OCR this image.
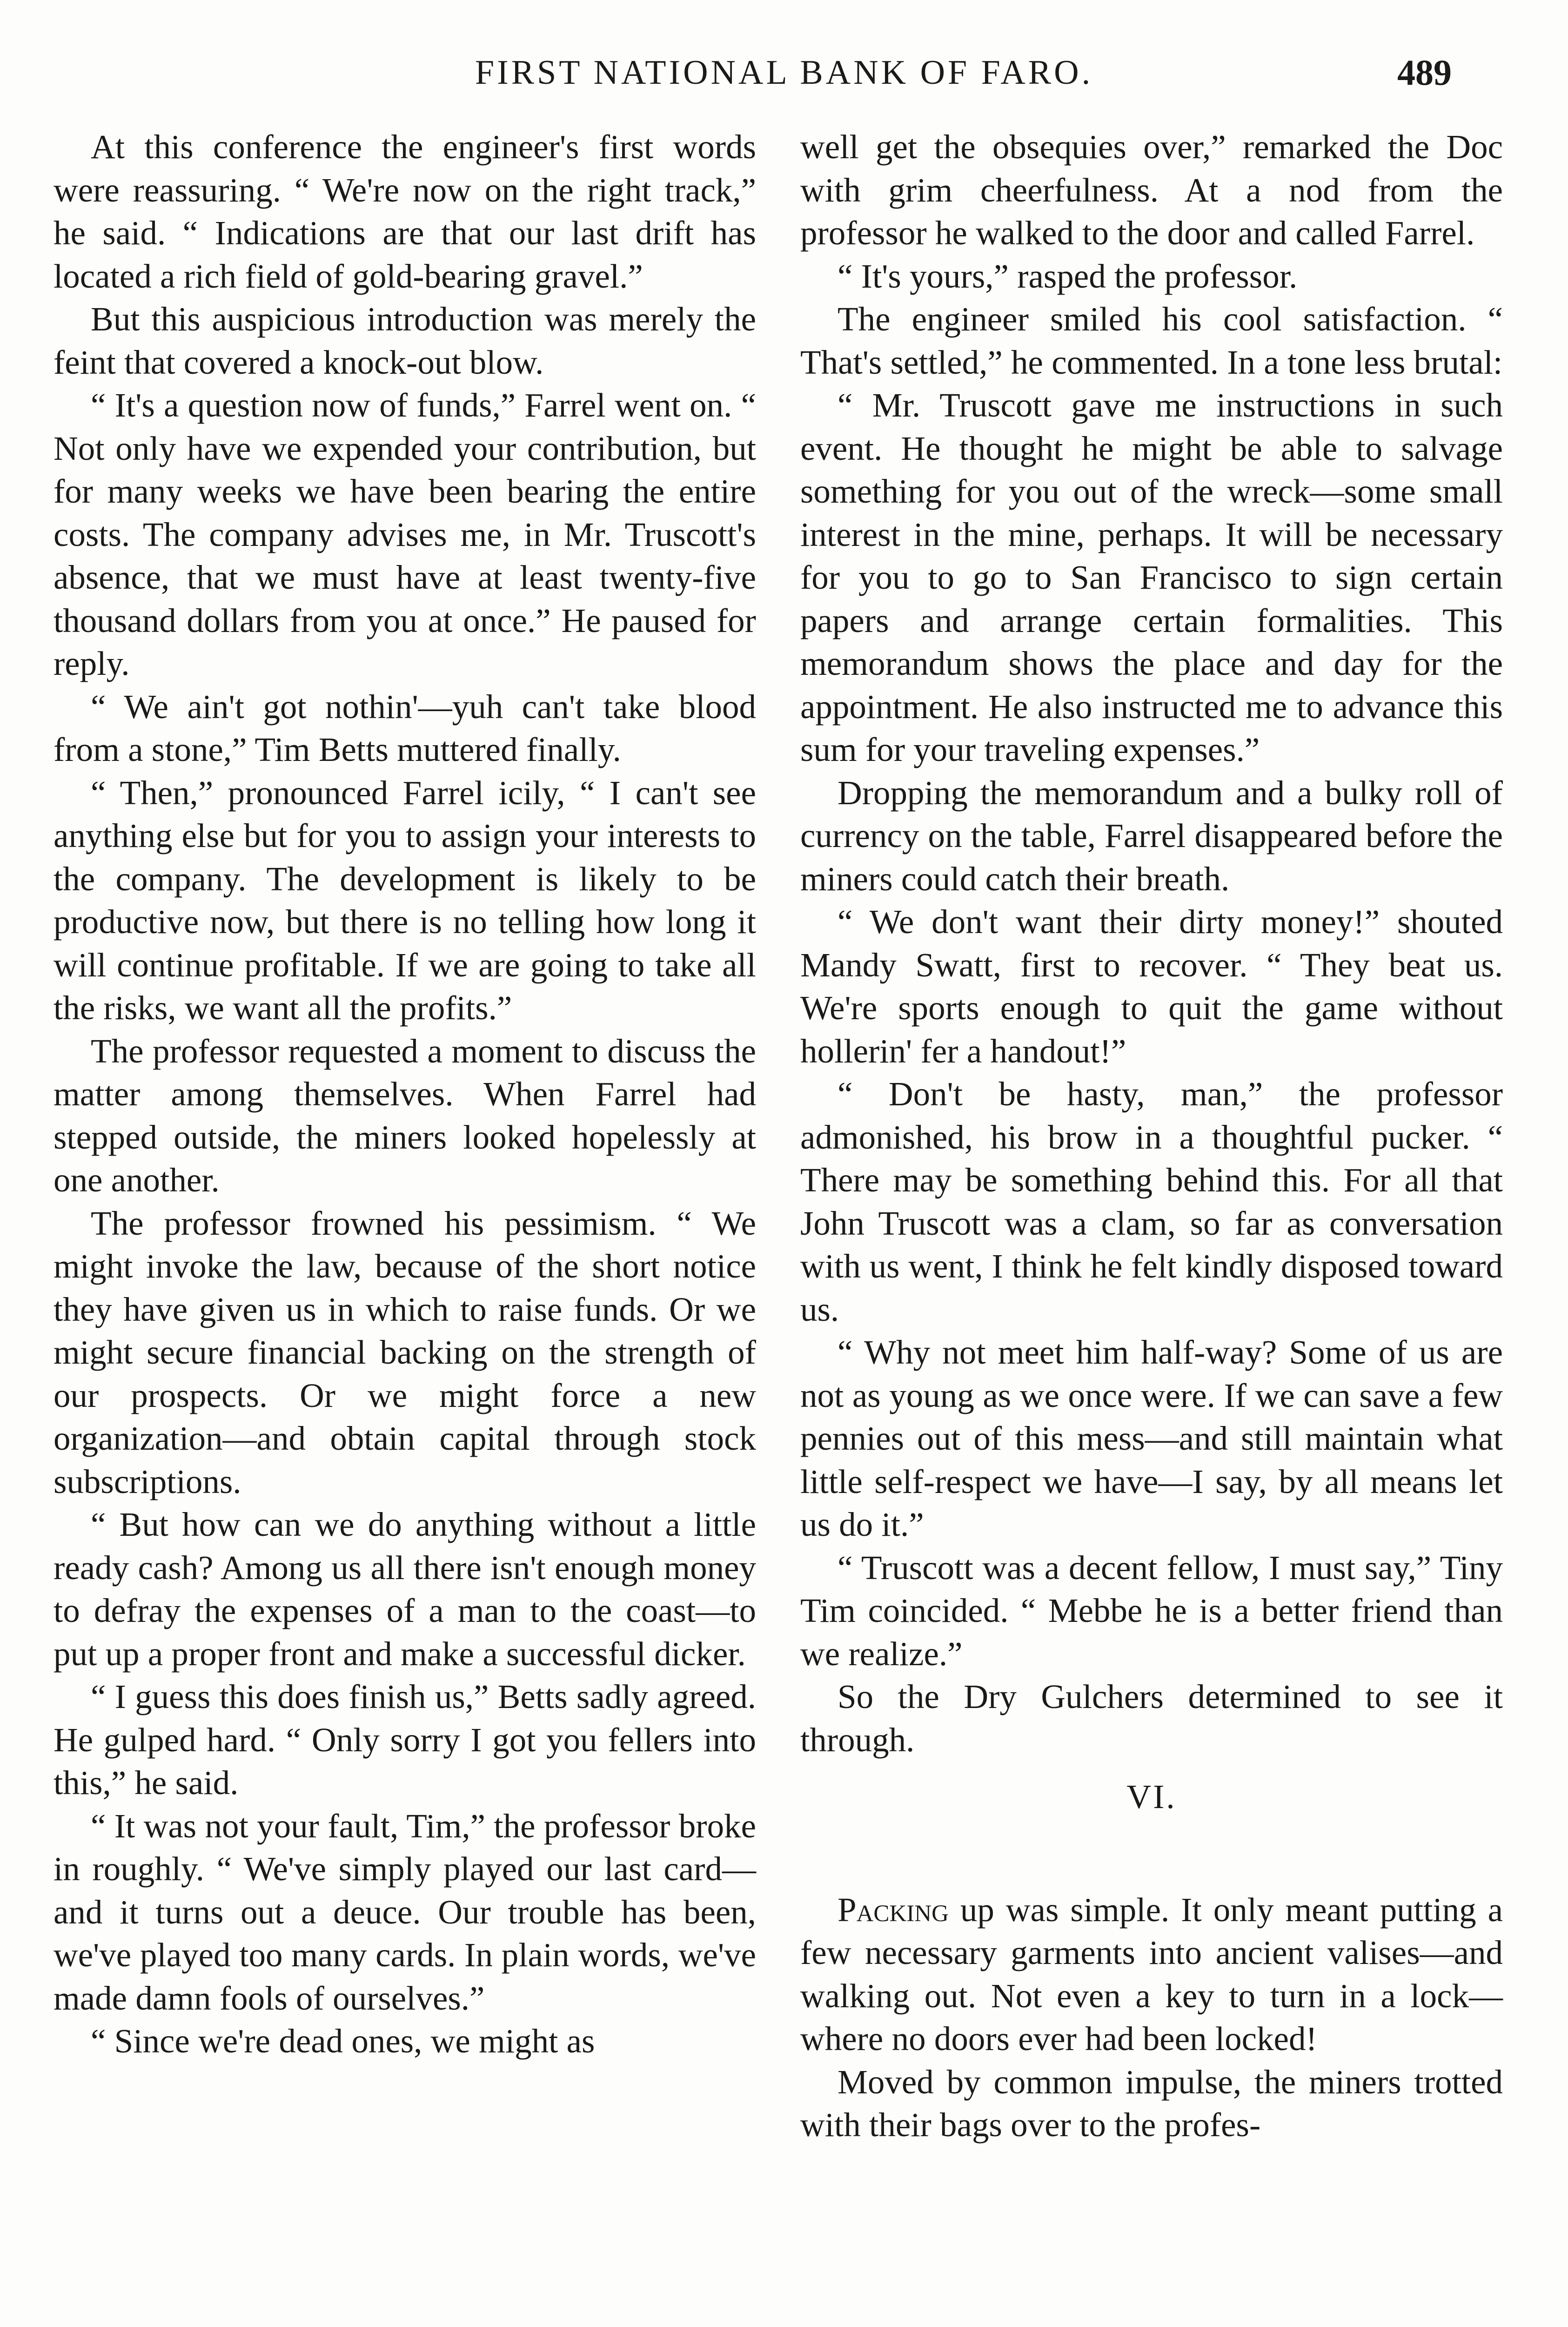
FIRST NATIONAL BANK OF FARO.	489

At this conference the engineer's first words were reassuring. “ We're now on the right track,” he said. “ Indications are that our last drift has located a rich field of gold-bearing gravel.”

But this auspicious introduction was merely the feint that covered a knock-out blow.

“ It's a question now of funds,” Farrel went on. “ Not only have we expended your contribution, but for many weeks we have been bearing the entire costs. The company advises me, in Mr. Truscott's absence, that we must have at least twenty-five thousand dollars from you at once.” He paused for reply.

“ We ain't got nothin'—yuh can't take blood from a stone,” Tim Betts muttered finally.

“ Then,” pronounced Farrel icily, “ I can't see anything else but for you to assign your interests to the company. The development is likely to be productive now, but there is no telling how long it will continue profitable. If we are going to take all the risks, we want all the profits.”

The professor requested a moment to discuss the matter among themselves. When Farrel had stepped outside, the miners looked hopelessly at one another.

The professor frowned his pessimism. “ We might invoke the law, because of the short notice they have given us in which to raise funds. Or we might secure financial backing on the strength of our prospects. Or we might force a new organization—and obtain capital through stock subscriptions.

“ But how can we do anything without a little ready cash? Among us all there isn't enough money to defray the expenses of a man to the coast—to put up a proper front and make a successful dicker.

“ I guess this does finish us,” Betts sadly agreed. He gulped hard. “ Only sorry I got you fellers into this,” he said.

“ It was not your fault, Tim,” the professor broke in roughly. “ We've simply played our last card—and it turns out a deuce. Our trouble has been, we've played too many cards. In plain words, we've made damn fools of ourselves.”

“ Since we're dead ones, we might as

well get the obsequies over,” remarked the Doc with grim cheerfulness. At a nod from the professor he walked to the door and called Farrel.

“ It's yours,” rasped the professor.

The engineer smiled his cool satisfaction. “ That's settled,” he commented. In a tone less brutal:

“ Mr. Truscott gave me instructions in such event. He thought he might be able to salvage something for you out of the wreck—some small interest in the mine, perhaps. It will be necessary for you to go to San Francisco to sign certain papers and arrange certain formalities. This memorandum shows the place and day for the appointment. He also instructed me to advance this sum for your traveling expenses.”

Dropping the memorandum and a bulky roll of currency on the table, Farrel disappeared before the miners could catch their breath.

“ We don't want their dirty money!” shouted Mandy Swatt, first to recover. “ They beat us. We're sports enough to quit the game without hollerin' fer a handout!”

“ Don't be hasty, man,” the professor admonished, his brow in a thoughtful pucker. “ There may be something behind this. For all that John Truscott was a clam, so far as conversation with us went, I think he felt kindly disposed toward us.

“ Why not meet him half-way? Some of us are not as young as we once were. If we can save a few pennies out of this mess—and still maintain what little self-respect we have—I say, by all means let us do it.”

“ Truscott was a decent fellow, I must say,” Tiny Tim coincided. “ Mebbe he is a better friend than we realize.”

So the Dry Gulchers determined to see it through.

VI.

Packing up was simple. It only meant putting a few necessary garments into ancient valises—and walking out. Not even a key to turn in a lock—where no doors ever had been locked!

Moved by common impulse, the miners trotted with their bags over to the profes-
